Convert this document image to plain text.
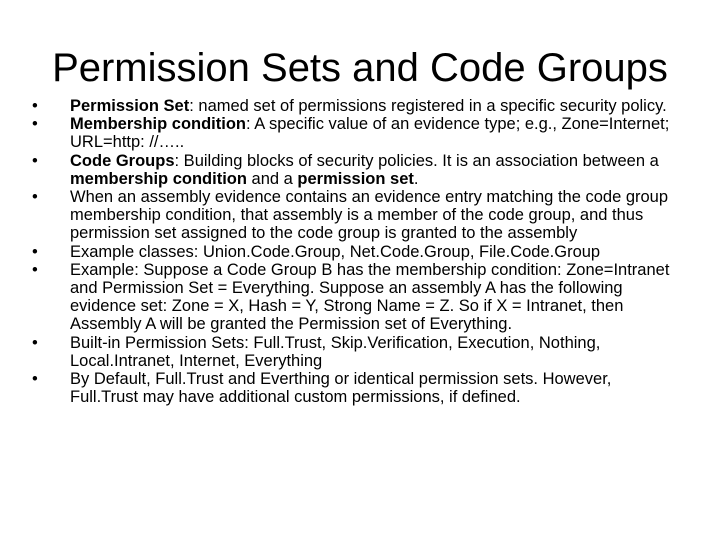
Permission Sets and Code Groups
• Permission Set: named set of permissions registered in a specific security policy.
• Membership condition: A specific value of an evidence type; e.g., Zone=Internet; URL=http: //…..
• Code Groups: Building blocks of security policies. It is an association between a membership condition and a permission set.
• When an assembly evidence contains an evidence entry matching the code group membership condition, that assembly is a member of the code group, and thus permission set assigned to the code group is granted to the assembly
• Example classes: Union.Code.Group, Net.Code.Group, File.Code.Group
• Example: Suppose a Code Group B has the membership condition: Zone=Intranet and Permission Set = Everything. Suppose an assembly A has the following evidence set: Zone = X, Hash = Y, Strong Name = Z. So if X = Intranet, then Assembly A will be granted the Permission set of Everything.
• Built-in Permission Sets: Full.Trust, Skip.Verification, Execution, Nothing, Local.Intranet, Internet, Everything
• By Default, Full.Trust and Everthing or identical permission sets. However, Full.Trust may have additional custom permissions, if defined.
